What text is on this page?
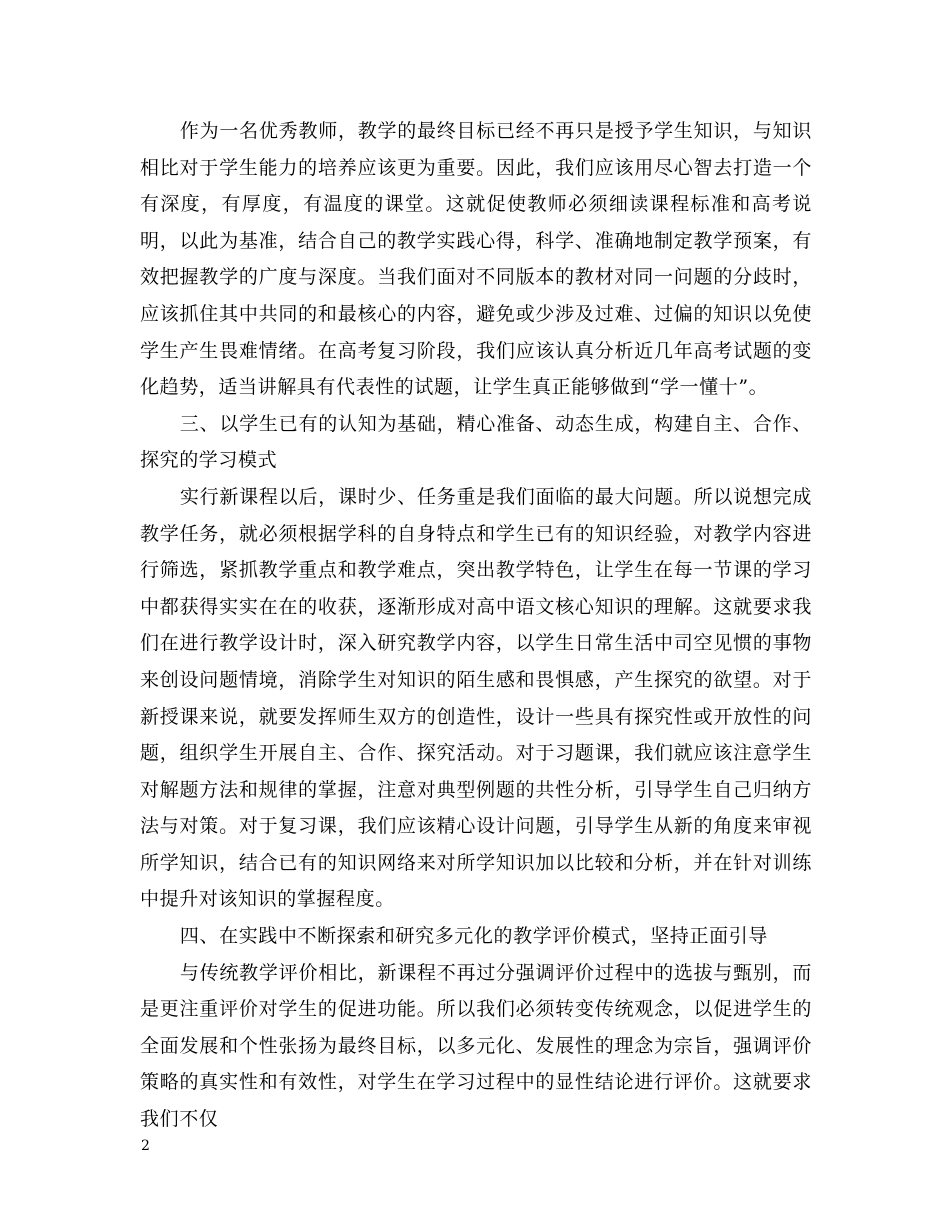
作为一名优秀教师，教学的最终目标已经不再只是授予学生知识，与知识相比对于学生能力的培养应该更为重要。因此，我们应该用尽心智去打造一个有深度，有厚度，有温度的课堂。这就促使教师必须细读课程标准和高考说明，以此为基准，结合自己的教学实践心得，科学、准确地制定教学预案，有效把握教学的广度与深度。当我们面对不同版本的教材对同一问题的分歧时，应该抓住其中共同的和最核心的内容，避免或少涉及过难、过偏的知识以免使学生产生畏难情绪。在高考复习阶段，我们应该认真分析近几年高考试题的变化趋势，适当讲解具有代表性的试题，让学生真正能够做到“学一懂十”。

三、以学生已有的认知为基础，精心准备、动态生成，构建自主、合作、探究的学习模式

实行新课程以后，课时少、任务重是我们面临的最大问题。所以说想完成教学任务，就必须根据学科的自身特点和学生已有的知识经验，对教学内容进行筛选，紧抓教学重点和教学难点，突出教学特色，让学生在每一节课的学习中都获得实实在在的收获，逐渐形成对高中语文核心知识的理解。这就要求我们在进行教学设计时，深入研究教学内容，以学生日常生活中司空见惯的事物来创设问题情境，消除学生对知识的陌生感和畏惧感，产生探究的欲望。对于新授课来说，就要发挥师生双方的创造性，设计一些具有探究性或开放性的问题，组织学生开展自主、合作、探究活动。对于习题课，我们就应该注意学生对解题方法和规律的掌握，注意对典型例题的共性分析，引导学生自己归纳方法与对策。对于复习课，我们应该精心设计问题，引导学生从新的角度来审视所学知识，结合已有的知识网络来对所学知识加以比较和分析，并在针对训练中提升对该知识的掌握程度。

四、在实践中不断探索和研究多元化的教学评价模式，坚持正面引导

与传统教学评价相比，新课程不再过分强调评价过程中的选拔与甄别，而是更注重评价对学生的促进功能。所以我们必须转变传统观念，以促进学生的全面发展和个性张扬为最终目标，以多元化、发展性的理念为宗旨，强调评价策略的真实性和有效性，对学生在学习过程中的显性结论进行评价。这就要求我们不仅

2
